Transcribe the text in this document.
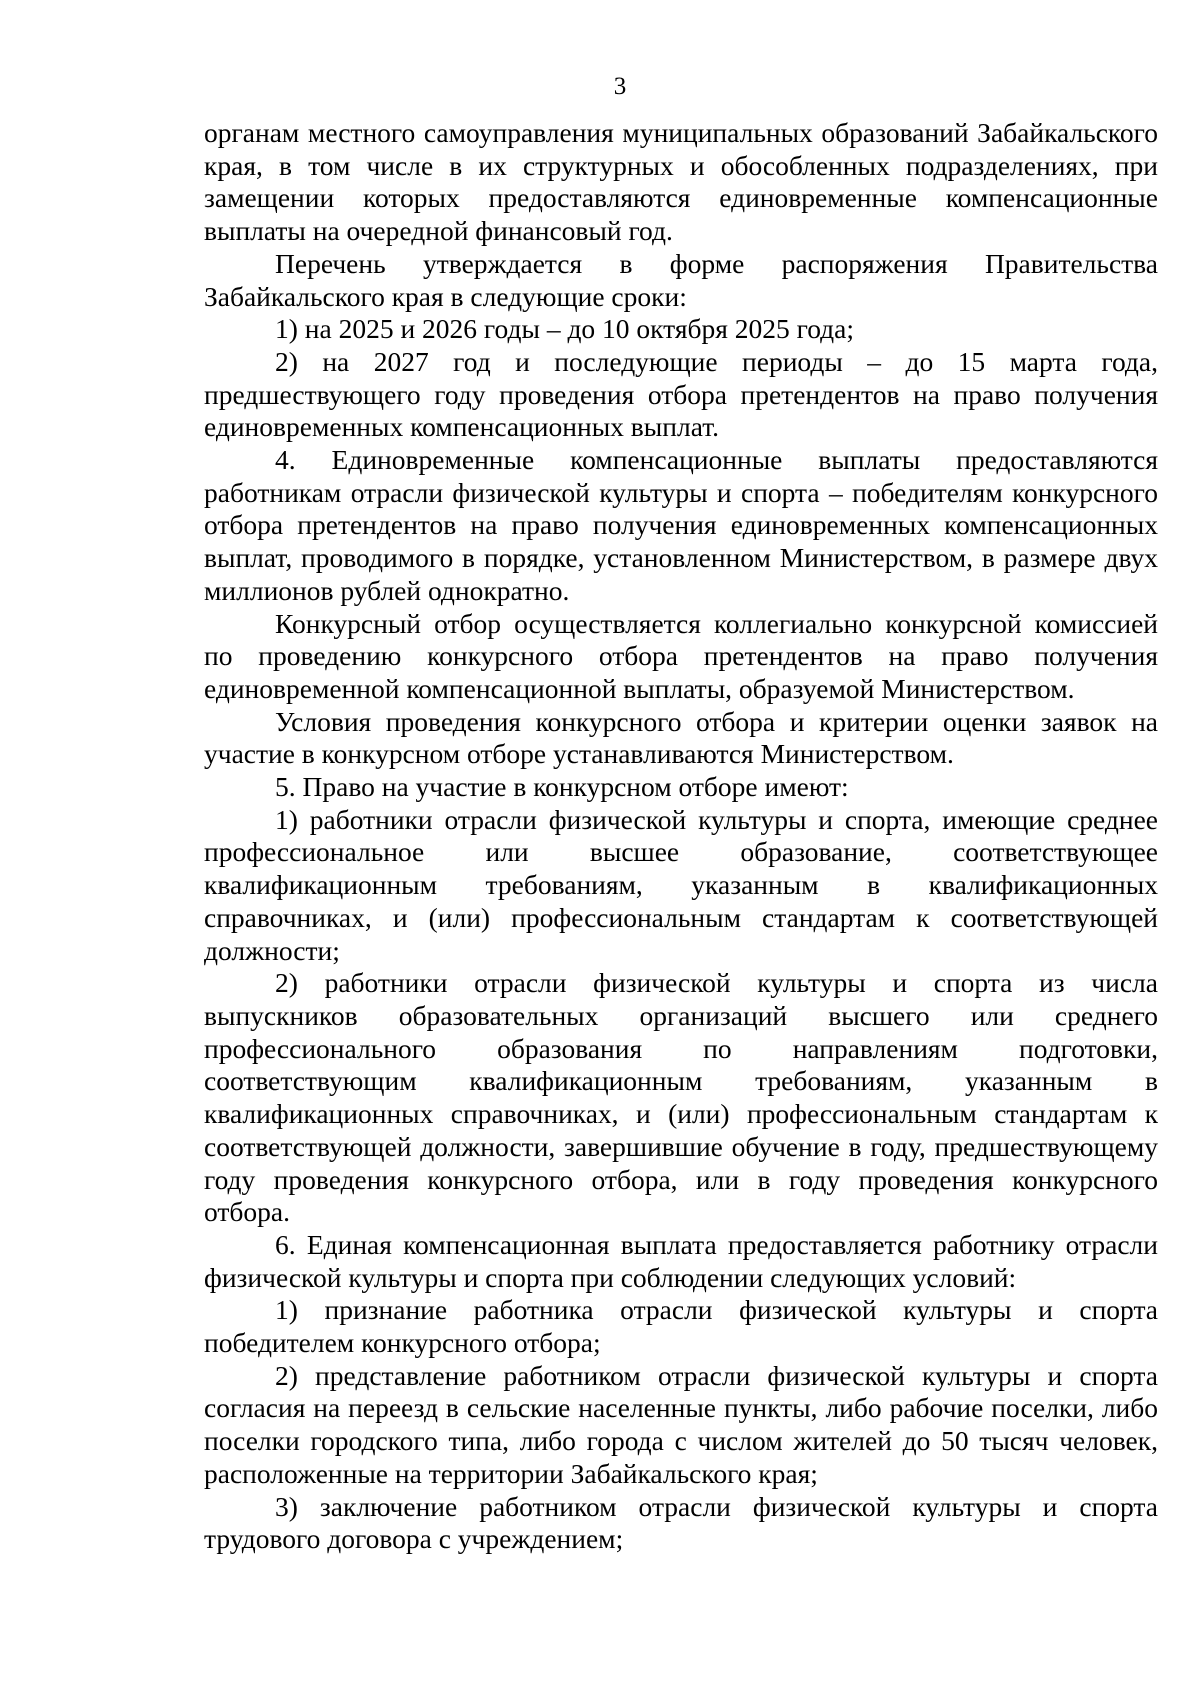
3

органам местного самоуправления муниципальных образований Забайкальского края, в том числе в их структурных и обособленных подразделениях, при замещении которых предоставляются единовременные компенсационные выплаты на очередной финансовый год.

Перечень утверждается в форме распоряжения Правительства Забайкальского края в следующие сроки:

1) на 2025 и 2026 годы – до 10 октября 2025 года;

2) на 2027 год и последующие периоды – до 15 марта года, предшествующего году проведения отбора претендентов на право получения единовременных компенсационных выплат.

4. Единовременные компенсационные выплаты предоставляются работникам отрасли физической культуры и спорта – победителям конкурсного отбора претендентов на право получения единовременных компенсационных выплат, проводимого в порядке, установленном Министерством, в размере двух миллионов рублей однократно.

Конкурсный отбор осуществляется коллегиально конкурсной комиссией по проведению конкурсного отбора претендентов на право получения единовременной компенсационной выплаты, образуемой Министерством.

Условия проведения конкурсного отбора и критерии оценки заявок на участие в конкурсном отборе устанавливаются Министерством.

5. Право на участие в конкурсном отборе имеют:

1) работники отрасли физической культуры и спорта, имеющие среднее профессиональное или высшее образование, соответствующее квалификационным требованиям, указанным в квалификационных справочниках, и (или) профессиональным стандартам к соответствующей должности;

2) работники отрасли физической культуры и спорта из числа выпускников образовательных организаций высшего или среднего профессионального образования по направлениям подготовки, соответствующим квалификационным требованиям, указанным в квалификационных справочниках, и (или) профессиональным стандартам к соответствующей должности, завершившие обучение в году, предшествующему году проведения конкурсного отбора, или в году проведения конкурсного отбора.

6. Единая компенсационная выплата предоставляется работнику отрасли физической культуры и спорта при соблюдении следующих условий:

1) признание работника отрасли физической культуры и спорта победителем конкурсного отбора;

2) представление работником отрасли физической культуры и спорта согласия на переезд в сельские населенные пункты, либо рабочие поселки, либо поселки городского типа, либо города с числом жителей до 50 тысяч человек, расположенные на территории Забайкальского края;

3) заключение работником отрасли физической культуры и спорта трудового договора с учреждением;
